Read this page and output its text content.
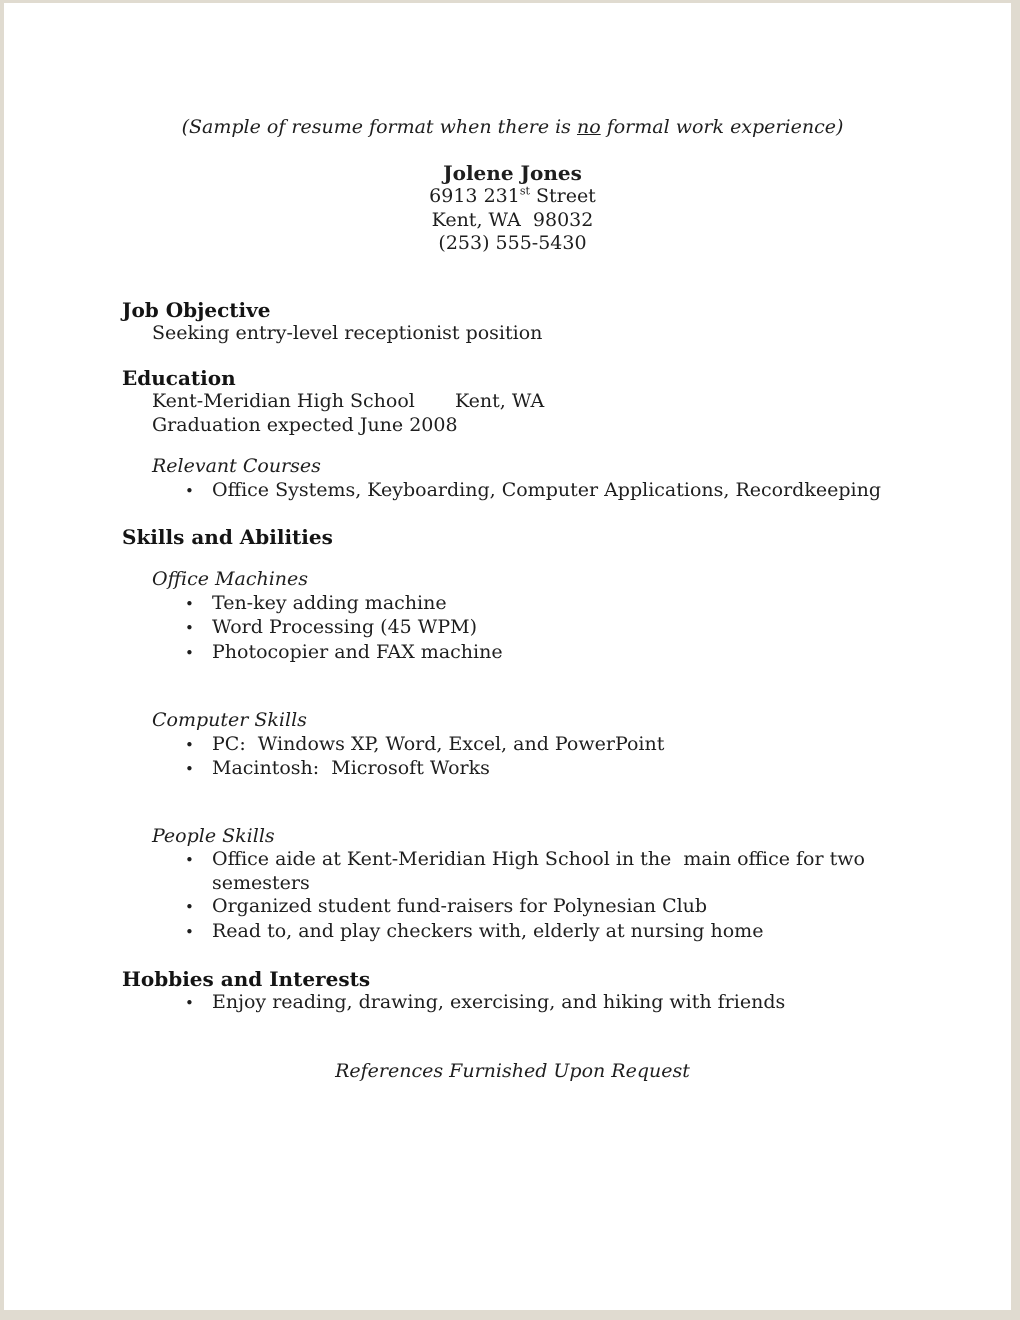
(Sample of resume format when there is no formal work experience)
Jolene Jones
6913 231st Street
Kent, WA  98032
(253) 555-5430
Job Objective
Seeking entry-level receptionist position
Education
Kent-Meridian High School Kent, WA
Graduation expected June 2008
Relevant Courses
• Office Systems, Keyboarding, Computer Applications, Recordkeeping
Skills and Abilities
Office Machines
• Ten-key adding machine
• Word Processing (45 WPM)
• Photocopier and FAX machine
Computer Skills
• PC:  Windows XP, Word, Excel, and PowerPoint
• Macintosh:  Microsoft Works
People Skills
• Office aide at Kent-Meridian High School in the  main office for two semesters
• Organized student fund-raisers for Polynesian Club
• Read to, and play checkers with, elderly at nursing home
Hobbies and Interests
• Enjoy reading, drawing, exercising, and hiking with friends
References Furnished Upon Request
